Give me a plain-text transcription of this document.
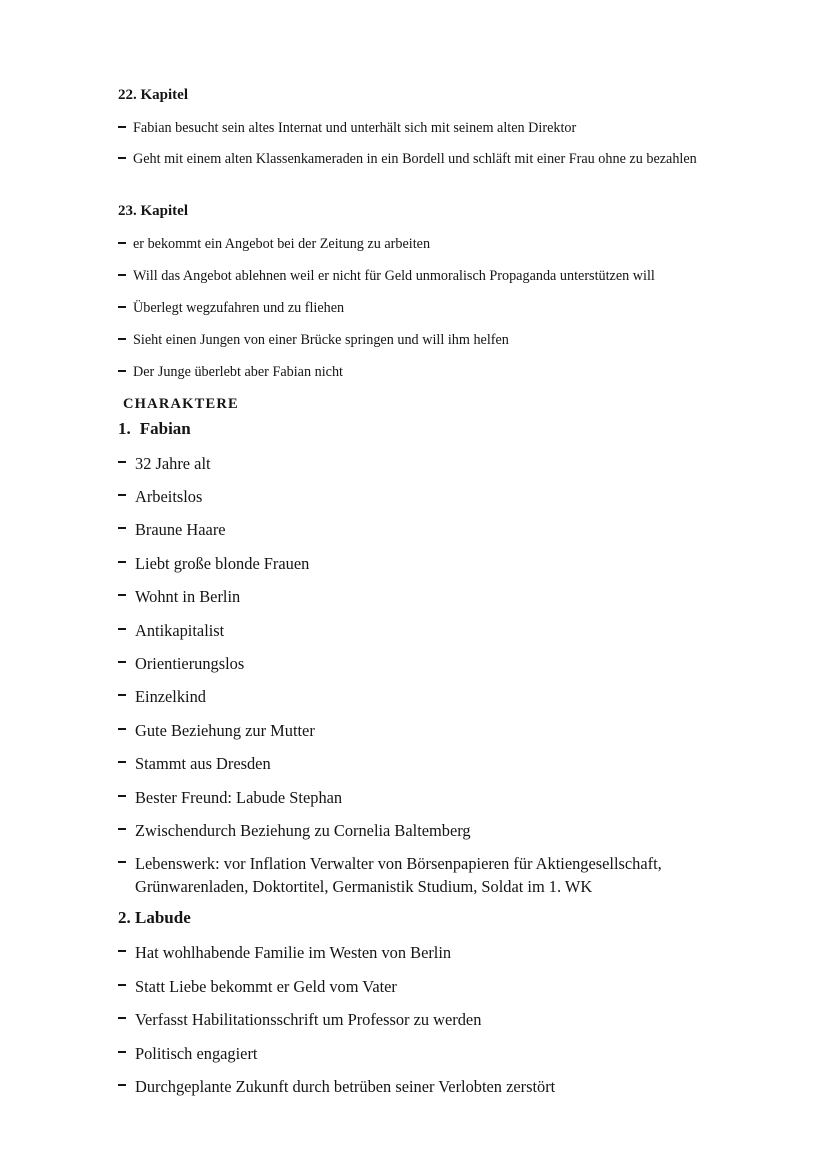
22. Kapitel
Fabian besucht sein altes Internat und unterhält sich mit seinem alten Direktor
Geht mit einem alten Klassenkameraden in ein Bordell und schläft mit einer Frau ohne zu bezahlen
23. Kapitel
er bekommt ein Angebot bei der Zeitung zu arbeiten
Will das Angebot ablehnen weil er nicht für Geld unmoralisch Propaganda unterstützen will
Überlegt wegzufahren und zu fliehen
Sieht einen Jungen von einer Brücke springen und will ihm helfen
Der Junge überlebt aber Fabian nicht
CHARAKTERE
1. Fabian
32 Jahre alt
Arbeitslos
Braune Haare
Liebt große blonde Frauen
Wohnt in Berlin
Antikapitalist
Orientierungslos
Einzelkind
Gute Beziehung zur Mutter
Stammt aus Dresden
Bester Freund: Labude Stephan
Zwischendurch Beziehung zu Cornelia Baltemberg
Lebenswerk: vor Inflation Verwalter von Börsenpapieren für Aktiengesellschaft, Grünwarenladen, Doktortitel, Germanistik Studium, Soldat im 1. WK
2. Labude
Hat wohlhabende Familie im Westen von Berlin
Statt Liebe bekommt er Geld vom Vater
Verfasst Habilitationsschrift um Professor zu werden
Politisch engagiert
Durchgeplante Zukunft durch betrüben seiner Verlobten zerstört
